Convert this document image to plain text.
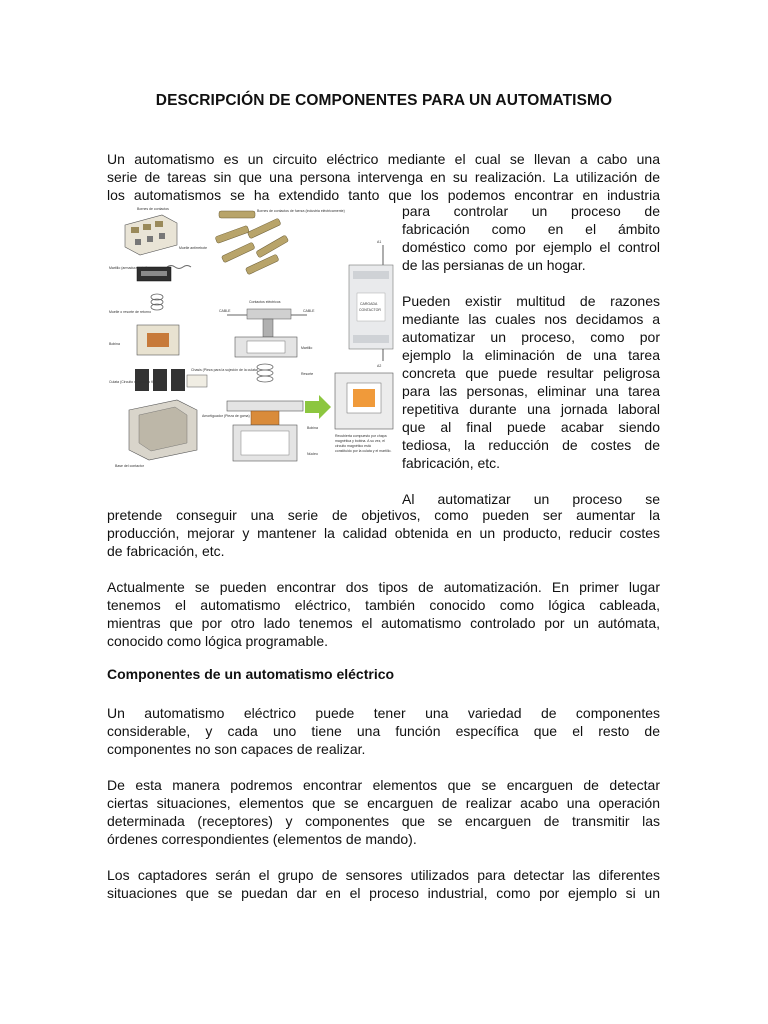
DESCRIPCIÓN DE COMPONENTES PARA UN AUTOMATISMO
Un automatismo es un circuito eléctrico mediante el cual se llevan a cabo una
serie de tareas sin que una persona intervenga en su realización. La utilización de
los automatismos se ha extendido tanto que los podemos encontrar en industria
Bornes de contactos
Muelle antirrebote
Martillo (armadura móvil)
Muelle o resorte de retorno
Bobina
Culata (Circuito magnético fijo)
Chasis (Pieza para la sujeción de la culata)
Amortiguador (Pieza de goma)
Base del contactor
Bornes de contactos de fuerza (industria eléctricamente)
Contactos eléctricos
CABLE	CABLE
Martillo
Resorte
Bobina
Núcleo
Recubierta compuesto por chapa
magnética y bobina. A su vez, el
circuito magnético está
constituido por la culata y el martillo.
A1
CARGADA
CONTACTOR
A2

para controlar un proceso de
fabricación como en el ámbito
doméstico como por ejemplo el control
de las persianas de un hogar.

Pueden existir multitud de razones
mediante las cuales nos decidamos a
automatizar un proceso, como por
ejemplo la eliminación de una tarea
concreta que puede resultar peligrosa
para las personas, eliminar una tarea
repetitiva durante una jornada laboral
que al final puede acabar siendo
tediosa, la reducción de costes de
fabricación, etc.

Al automatizar un proceso se

pretende conseguir una serie de objetivos, como pueden ser aumentar la
producción, mejorar y mantener la calidad obtenida en un producto, reducir costes
de fabricación, etc.
Actualmente se pueden encontrar dos tipos de automatización. En primer lugar
tenemos el automatismo eléctrico, también conocido como lógica cableada,
mientras que por otro lado tenemos el automatismo controlado por un autómata,
conocido como lógica programable.
Componentes de un automatismo eléctrico
Un automatismo eléctrico puede tener una variedad de componentes
considerable, y cada uno tiene una función específica que el resto de
componentes no son capaces de realizar.
De esta manera podremos encontrar elementos que se encarguen de detectar
ciertas situaciones, elementos que se encarguen de realizar acabo una operación
determinada (receptores) y componentes que se encarguen de transmitir las
órdenes correspondientes (elementos de mando).
Los captadores serán el grupo de sensores utilizados para detectar las diferentes
situaciones que se puedan dar en el proceso industrial, como por ejemplo si un
